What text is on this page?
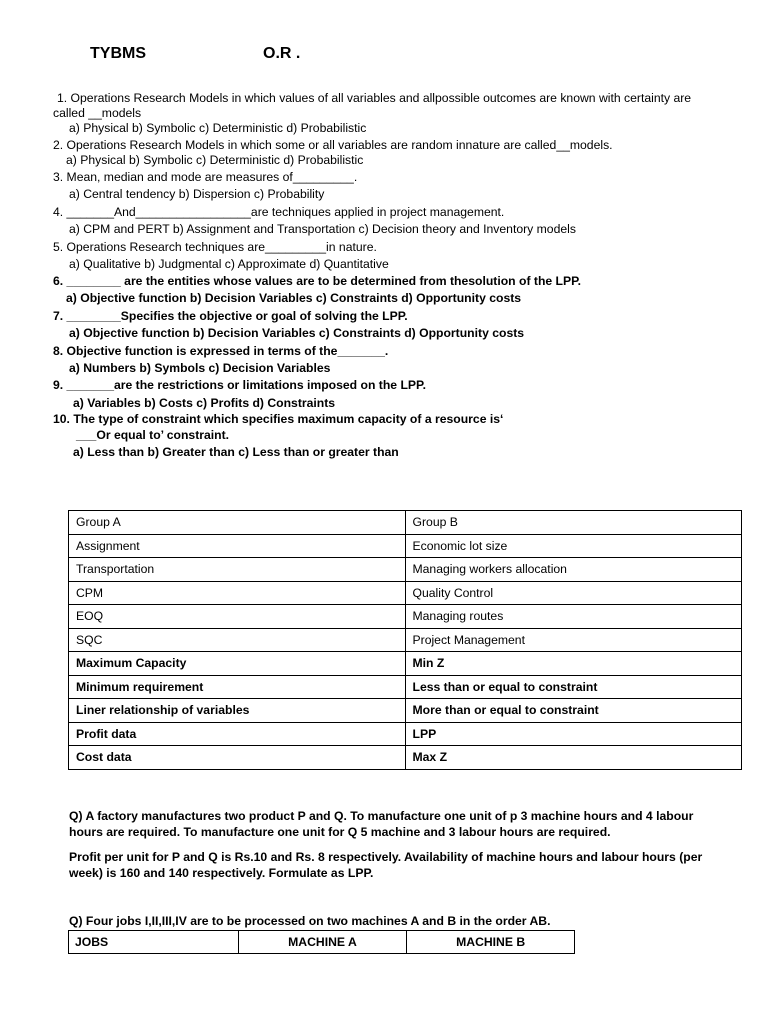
TYBMS	O.R .
1. Operations Research Models in which values of all variables and allpossible outcomes are known with certainty are
called __models
a) Physical b) Symbolic c) Deterministic d) Probabilistic
2. Operations Research Models in which some or all variables are random innature are called__models.
a) Physical b) Symbolic c) Deterministic d) Probabilistic
3. Mean, median and mode are measures of_________.
a) Central tendency b) Dispersion c) Probability
4. _______And_________________are techniques applied in project management.
a) CPM and PERT b) Assignment and Transportation c) Decision theory and Inventory models
5. Operations Research techniques are_________in nature.
a) Qualitative b) Judgmental c) Approximate d) Quantitative
6. ________ are the entities whose values are to be determined from thesolution of the LPP.
a) Objective function b) Decision Variables c) Constraints d) Opportunity costs
7. ________Specifies the objective or goal of solving the LPP.
a) Objective function b) Decision Variables c) Constraints d) Opportunity costs
8. Objective function is expressed in terms of the_______.
a) Numbers b) Symbols c) Decision Variables
9. _______are the restrictions or limitations imposed on the LPP.
a) Variables b) Costs c) Profits d) Constraints
10. The type of constraint which specifies maximum capacity of a resource is‘
___Or equal to’ constraint.
a) Less than b) Greater than c) Less than or greater than
Group A	Group B
Assignment	Economic lot size
Transportation	Managing workers allocation
CPM	Quality Control
EOQ	Managing routes
SQC	Project Management
Maximum Capacity	Min Z
Minimum requirement	Less than or equal to constraint
Liner relationship of variables	More than or equal to constraint
Profit data	LPP
Cost data	Max Z
Q) A factory manufactures two product P and Q. To manufacture one unit of p 3 machine hours and 4 labour hours are required. To manufacture one unit for Q 5 machine and 3 labour hours are required.
Profit per unit for P and Q is Rs.10 and Rs. 8 respectively. Availability of machine hours and labour hours (per week) is 160 and 140 respectively. Formulate as LPP.
Q) Four jobs I,II,III,IV are to be processed on two machines A and B in the order AB.
JOBS	MACHINE A	MACHINE B
